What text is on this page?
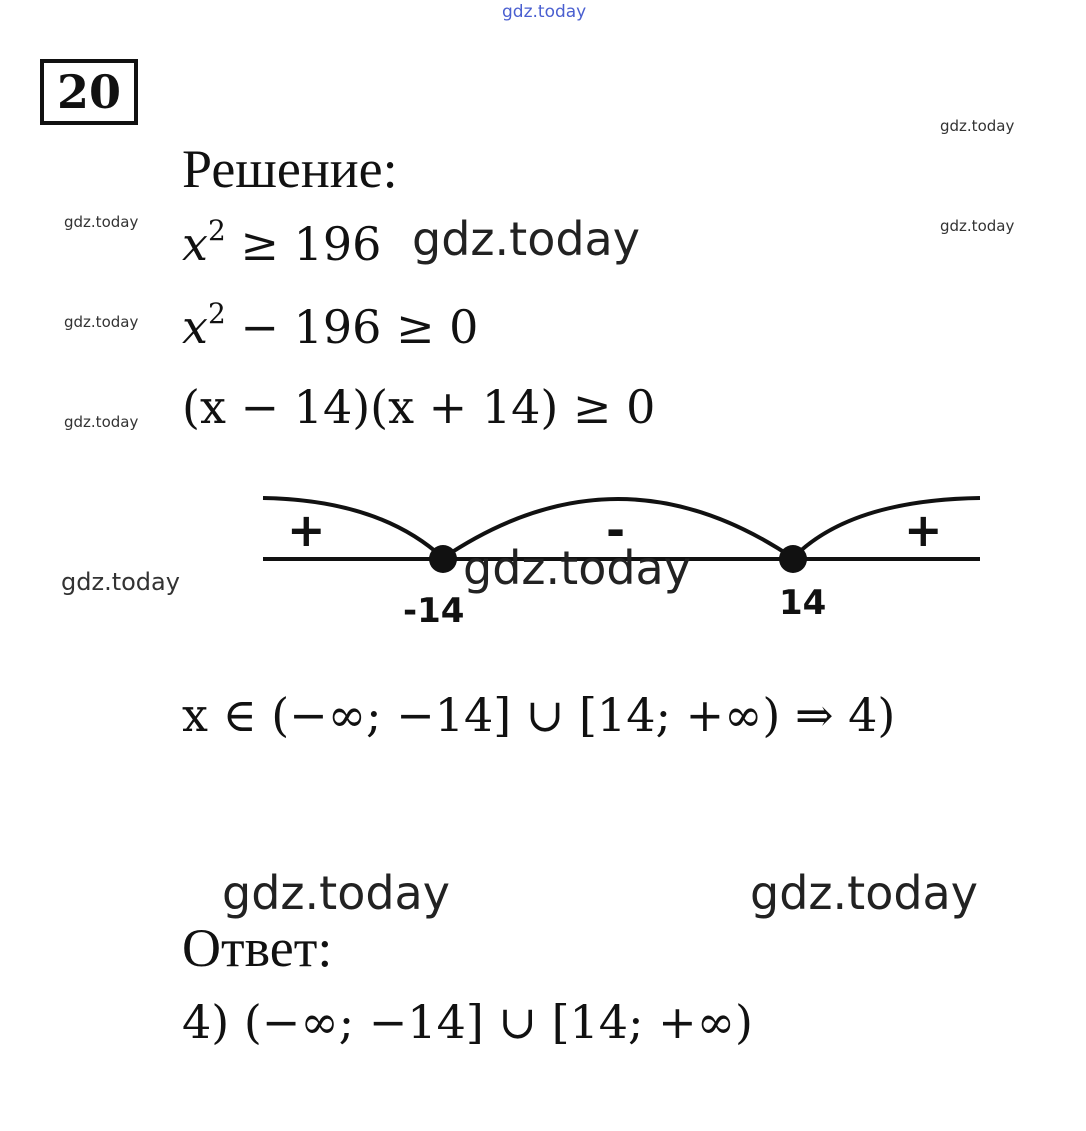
gdz.today
gdz.today
gdz.today
gdz.today
gdz.today
gdz.today
gdz.today
20
Решение:
$x^2 \ge 196$ gdz.today
$x^2 - 196 \ge 0$
(x − 14)(x + 14) ≥ 0
+	-	+
-14	14
gdz.today
x ∈ (−∞; −14] ∪ [14; +∞) ⇒ 4)
gdz.today	gdz.today
Ответ:
4) (−∞; −14] ∪ [14; +∞)
